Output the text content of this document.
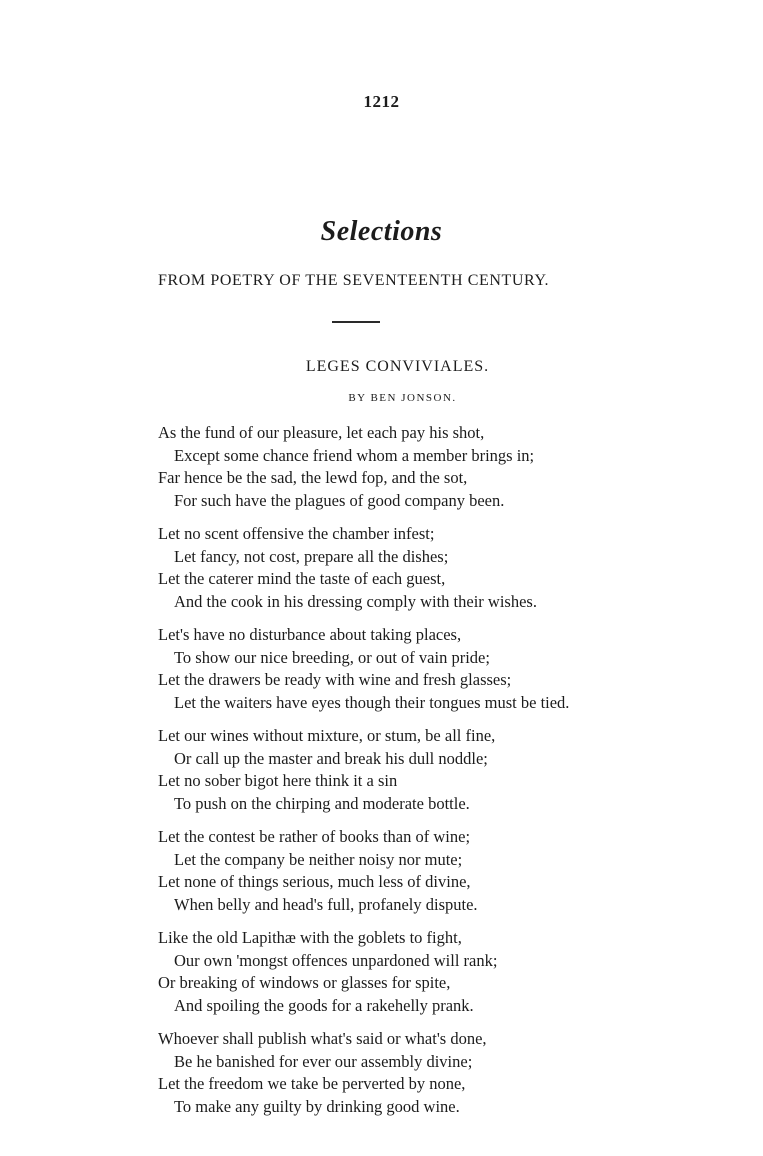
1212
Selections
FROM POETRY OF THE SEVENTEENTH CENTURY.
LEGES CONVIVIALES.
BY BEN JONSON.
As the fund of our pleasure, let each pay his shot,
Except some chance friend whom a member brings in;
Far hence be the sad, the lewd fop, and the sot,
For such have the plagues of good company been.
Let no scent offensive the chamber infest;
Let fancy, not cost, prepare all the dishes;
Let the caterer mind the taste of each guest,
And the cook in his dressing comply with their wishes.
Let's have no disturbance about taking places,
To show our nice breeding, or out of vain pride;
Let the drawers be ready with wine and fresh glasses;
Let the waiters have eyes though their tongues must be tied.
Let our wines without mixture, or stum, be all fine,
Or call up the master and break his dull noddle;
Let no sober bigot here think it a sin
To push on the chirping and moderate bottle.
Let the contest be rather of books than of wine;
Let the company be neither noisy nor mute;
Let none of things serious, much less of divine,
When belly and head's full, profanely dispute.
Like the old Lapithæ with the goblets to fight,
Our own 'mongst offences unpardoned will rank;
Or breaking of windows or glasses for spite,
And spoiling the goods for a rakehelly prank.
Whoever shall publish what's said or what's done,
Be he banished for ever our assembly divine;
Let the freedom we take be perverted by none,
To make any guilty by drinking good wine.
